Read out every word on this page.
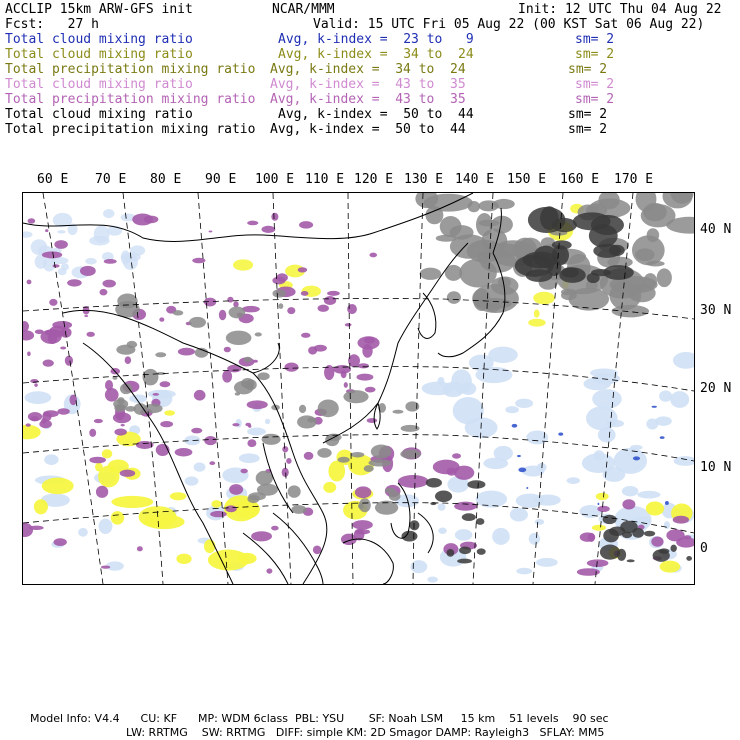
ACCLIP 15km ARW-GFS init	NCAR/MMM	Init: 12 UTC Thu 04 Aug 22
Fcst:   27 h	Valid: 15 UTC Fri 05 Aug 22 (00 KST Sat 06 Aug 22)
Total cloud mixing ratio	Avg, k-index =  23 to   9	sm= 2
Total cloud mixing ratio	Avg, k-index =  34 to  24	sm= 2
Total precipitation mixing ratio Avg, k-index =  34 to  24	sm= 2
Total cloud mixing ratio	Avg, k-index =  43 to  35	sm= 2
Total precipitation mixing ratio Avg, k-index =  43 to  35	sm= 2
Total cloud mixing ratio	Avg, k-index =  50 to  44	sm= 2
Total precipitation mixing ratio Avg, k-index =  50 to  44	sm= 2
60 E 70 E 80 E 90 E 100 E 110 E 120 E 130 E 140 E 150 E 160 E 170 E
40 N
30 N
20 N
10 N
0
Model Info: V4.4      CU: KF      MP: WDM 6class  PBL: YSU       SF: Noah LSM     15 km    51 levels    90 sec
LW: RRTMG    SW: RRTMG   DIFF: simple KM: 2D Smagor DAMP: Rayleigh3   SFLAY: MM5
